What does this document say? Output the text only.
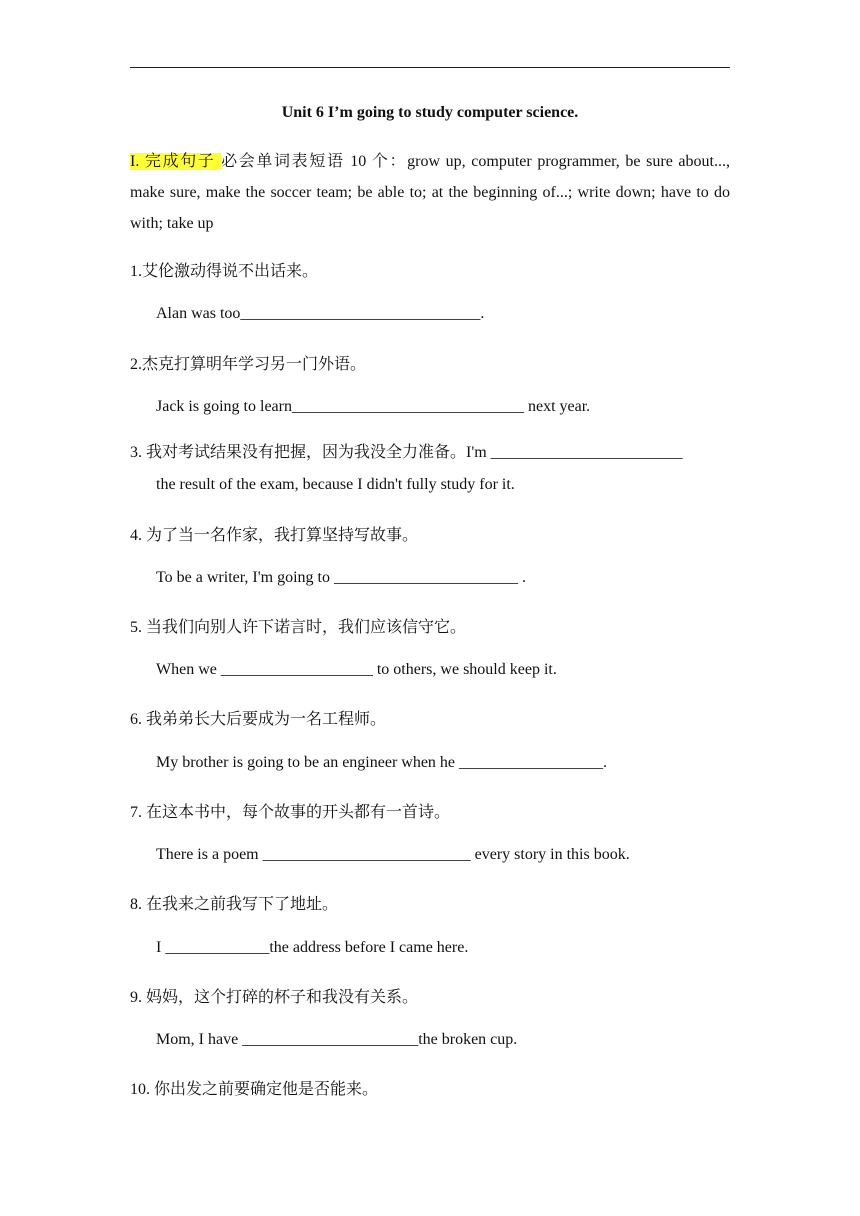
Unit 6 I’m going to study computer science.
I. 完成句子 必会单词表短语 10 个：grow up, computer programmer, be sure about..., make sure, make the soccer team; be able to; at the beginning of...; write down; have to do with; take up
1.艾伦激动得说不出话来。
Alan was too______________________________.
2.杰克打算明年学习另一门外语。
Jack is going to learn_____________________________ next year.
3. 我对考试结果没有把握，因为我没全力准备。I'm ________________________
the result of the exam, because I didn't fully study for it.
4. 为了当一名作家，我打算坚持写故事。
To be a writer, I'm going to _______________________ .
5. 当我们向别人许下诺言时，我们应该信守它。
When we ___________________ to others, we should keep it.
6. 我弟弟长大后要成为一名工程师。
My brother is going to be an engineer when he __________________.
7. 在这本书中，每个故事的开头都有一首诗。
There is a poem __________________________ every story in this book.
8. 在我来之前我写下了地址。
I _____________the address before I came here.
9. 妈妈，这个打碎的杯子和我没有关系。
Mom, I have ______________________the broken cup.
10. 你出发之前要确定他是否能来。
